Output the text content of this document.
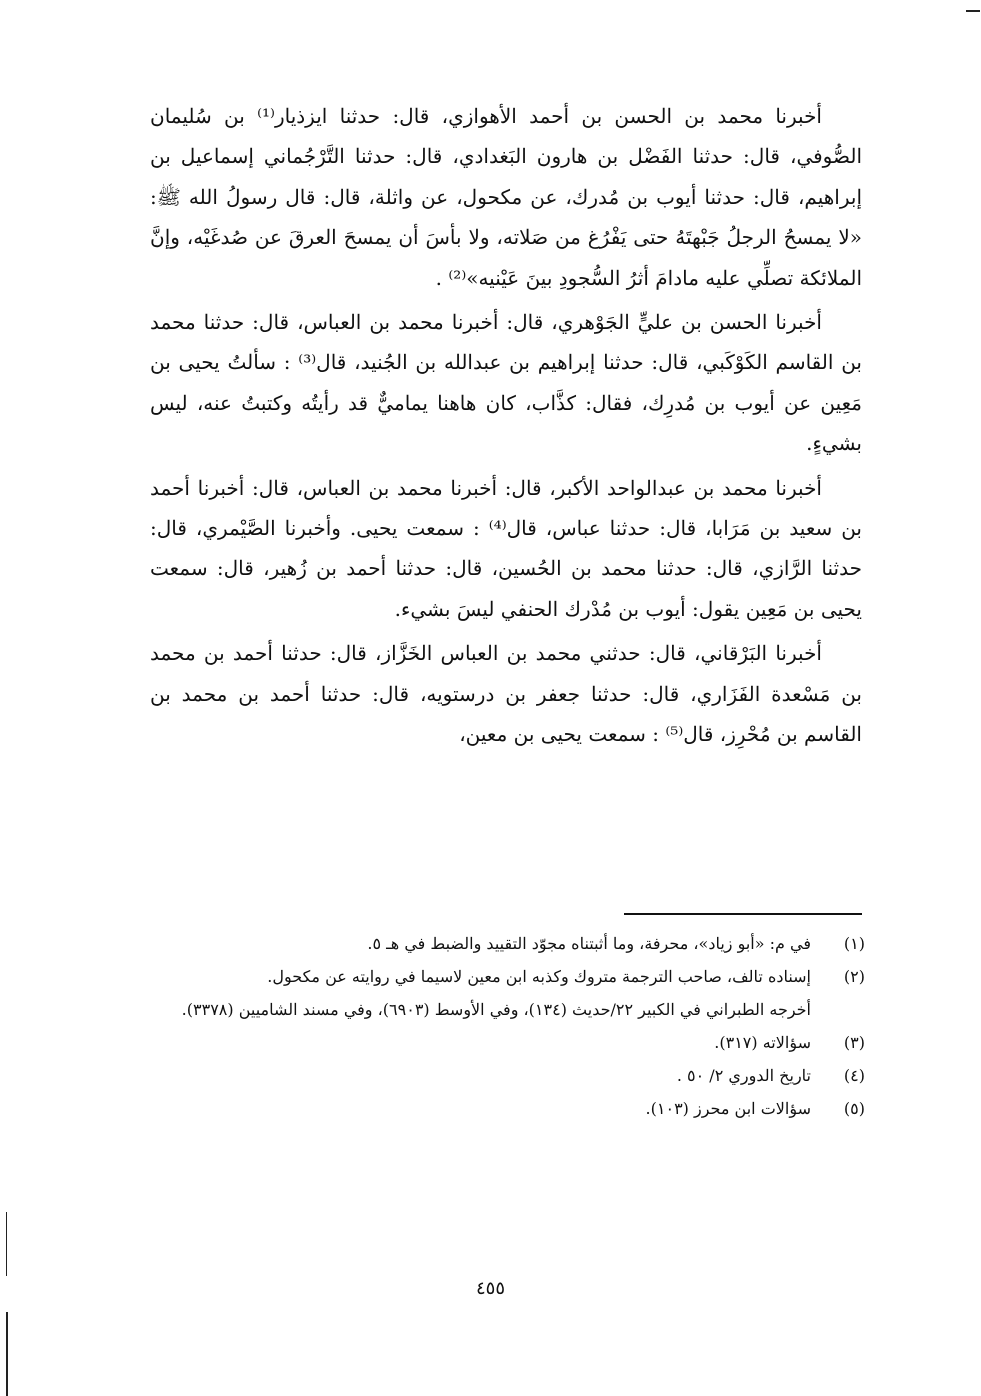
أخبرنا محمد بن الحسن بن أحمد الأهوازي، قال: حدثنا ايزذيار⁽¹⁾ بن سُليمان الصُّوفي، قال: حدثنا الفَضْل بن هارون البَغدادي، قال: حدثنا التَّرْجُماني إسماعيل بن إبراهيم، قال: حدثنا أيوب بن مُدرك، عن مكحول، عن واثلة، قال: قال رسولُ الله ﷺ: «لا يمسحُ الرجلُ جَبْهتَهُ حتى يَفْرُغ من صَلاته، ولا بأسَ أن يمسحَ العرقَ عن صُدغَيْه، وإنَّ الملائكة تصلِّي عليه مادامَ أثرُ السُّجودِ بينَ عَيْنيه»⁽²⁾ .

أخبرنا الحسن بن عليٍّ الجَوْهري، قال: أخبرنا محمد بن العباس، قال: حدثنا محمد بن القاسم الكَوْكَبي، قال: حدثنا إبراهيم بن عبدالله بن الجُنيد، قال⁽³⁾ : سألتُ يحيى بن مَعِين عن أيوب بن مُدرِك، فقال: كذَّاب، كان هاهنا يماميٌّ قد رأيتُه وكتبتُ عنه، ليس بشيءٍ.

أخبرنا محمد بن عبدالواحد الأكبر، قال: أخبرنا محمد بن العباس، قال: أخبرنا أحمد بن سعيد بن مَرَابا، قال: حدثنا عباس، قال⁽⁴⁾ : سمعت يحيى. وأخبرنا الصَّيْمري، قال: حدثنا الرَّازي، قال: حدثنا محمد بن الحُسين، قال: حدثنا أحمد بن زُهير، قال: سمعت يحيى بن مَعِين يقول: أيوب بن مُدْرك الحنفي ليسَ بشيء.

أخبرنا البَرْقاني، قال: حدثني محمد بن العباس الخَزَّاز، قال: حدثنا أحمد بن محمد بن مَسْعدة الفَزَاري، قال: حدثنا جعفر بن درستويه، قال: حدثنا أحمد بن محمد بن القاسم بن مُحْرِز، قال⁽⁵⁾ : سمعت يحيى بن معين،

(١)
في م: «أبو زياد»، محرفة، وما أثبتناه مجوّد التقييد والضبط في هـ ٥.
(٢)
إسناده تالف، صاحب الترجمة متروك وكذبه ابن معين لاسيما في روايته عن مكحول.
أخرجه الطبراني في الكبير ٢٢/حديث (١٣٤)، وفي الأوسط (٦٩٠٣)، وفي مسند الشاميين (٣٣٧٨).
(٣)
سؤالاته (٣١٧).
(٤)
تاريخ الدوري ٢/ ٥٠ .
(٥)
سؤالات ابن محرز (١٠٣).
٤٥٥
